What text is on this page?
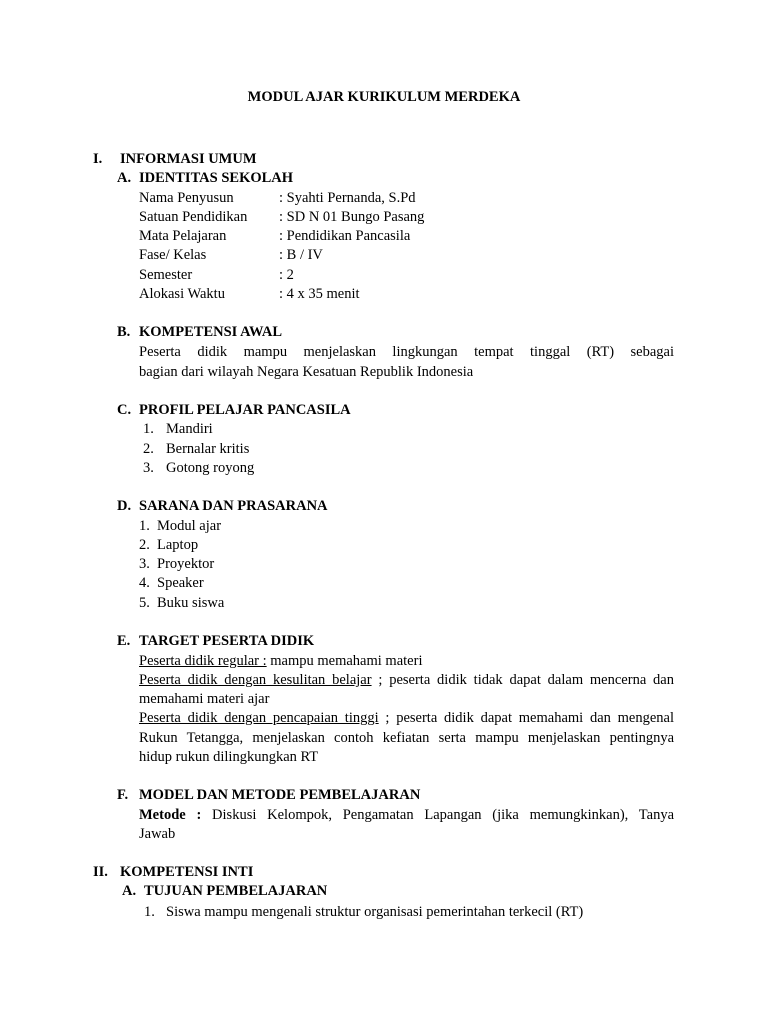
MODUL AJAR KURIKULUM MERDEKA
I. INFORMASI UMUM
A. IDENTITAS SEKOLAH
Nama Penyusun	: Syahti Pernanda, S.Pd
Satuan Pendidikan : SD N 01 Bungo Pasang
Mata Pelajaran	: Pendidikan Pancasila
Fase/ Kelas	: B / IV
Semester	: 2
Alokasi Waktu	: 4 x 35 menit
B. KOMPETENSI AWAL
Peserta didik mampu menjelaskan lingkungan tempat tinggal (RT) sebagai
bagian dari wilayah Negara Kesatuan Republik Indonesia
C. PROFIL PELAJAR PANCASILA
1. Mandiri
2. Bernalar kritis
3. Gotong royong
D. SARANA DAN PRASARANA
1. Modul ajar
2. Laptop
3. Proyektor
4. Speaker
5. Buku siswa
E. TARGET PESERTA DIDIK
Peserta didik regular : mampu memahami materi
Peserta didik dengan kesulitan belajar ; peserta didik tidak dapat dalam mencerna dan
memahami materi ajar
Peserta didik dengan pencapaian tinggi ; peserta didik dapat memahami dan mengenal
Rukun Tetangga, menjelaskan contoh kefiatan serta mampu menjelaskan pentingnya
hidup rukun dilingkungkan RT
F. MODEL DAN METODE PEMBELAJARAN
Metode : Diskusi Kelompok, Pengamatan Lapangan (jika memungkinkan), Tanya
Jawab
II. KOMPETENSI INTI
A. TUJUAN PEMBELAJARAN
1. Siswa mampu mengenali struktur organisasi pemerintahan terkecil (RT)
